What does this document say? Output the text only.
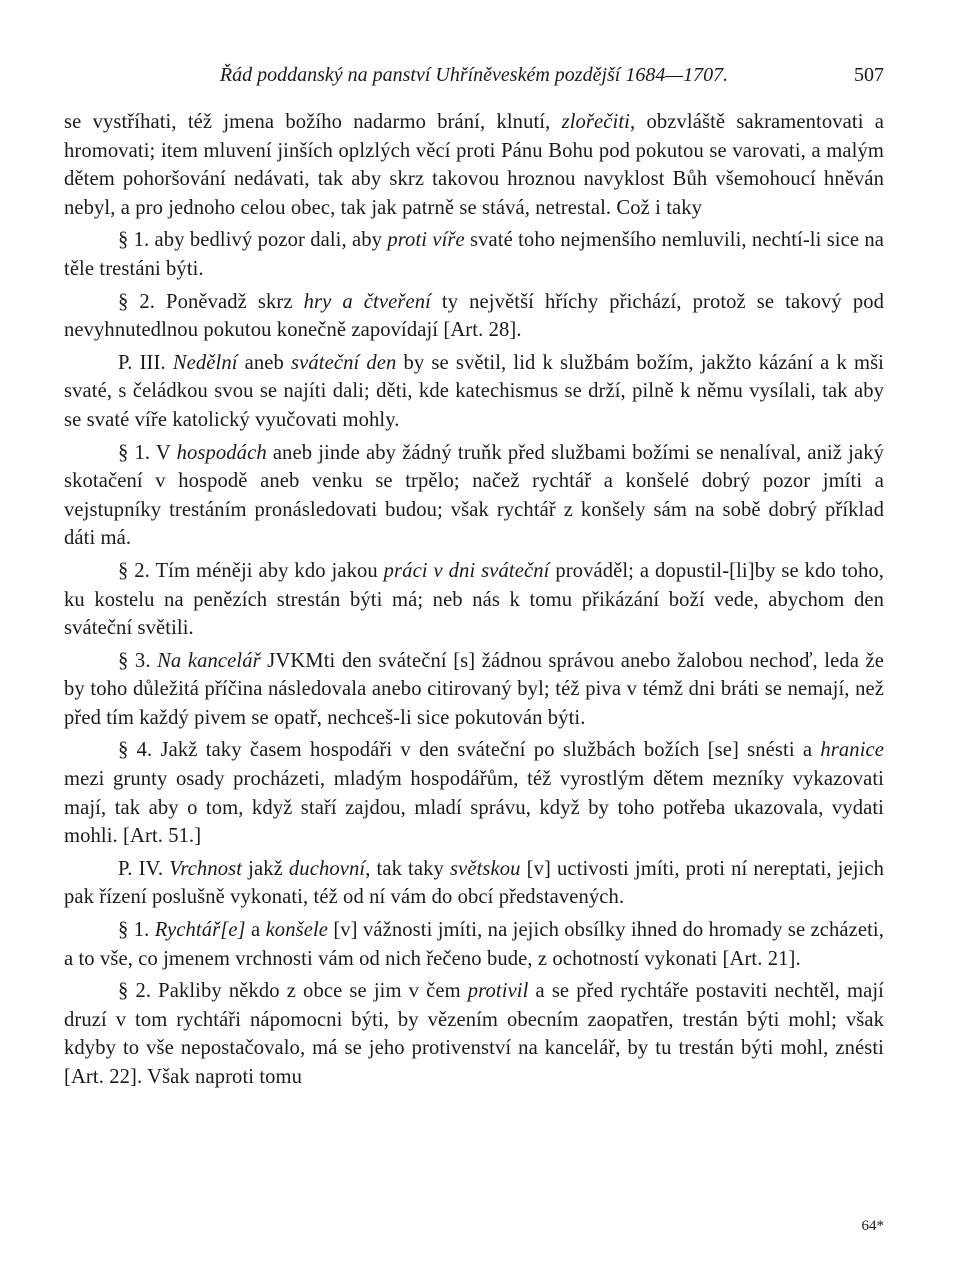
Řád poddanský na panství Uhříněveském pozdější 1684—1707.	507

se vystříhati, též jmena božího nadarmo brání, klnutí, zlořečiti, obzvláště sakramentovati a hromovati; item mluvení jinších oplzlých věcí proti Pánu Bohu pod pokutou se varovati, a malým dětem pohoršování nedávati, tak aby skrz takovou hroznou navyklost Bůh všemohoucí hněván nebyl, a pro jednoho celou obec, tak jak patrně se stává, netrestal. Což i taky

§ 1. aby bedlivý pozor dali, aby proti víře svaté toho nejmenšího nemluvili, nechtí-li sice na těle trestáni býti.

§ 2. Poněvadž skrz hry a čtveření ty největší hříchy přichází, protož se takový pod nevyhnutedlnou pokutou konečně zapovídají [Art. 28].

P. III. Nedělní aneb sváteční den by se světil, lid k službám božím, jakžto kázání a k mši svaté, s čeládkou svou se najíti dali; děti, kde katechismus se drží, pilně k němu vysílali, tak aby se svaté víře katolický vyučovati mohly.

§ 1. V hospodách aneb jinde aby žádný truňk před službami božími se nenalíval, aniž jaký skotačení v hospodě aneb venku se trpělo; načež rychtář a konšelé dobrý pozor jmíti a vejstupníky trestáním pronásledovati budou; však rychtář z konšely sám na sobě dobrý příklad dáti má.

§ 2. Tím méněji aby kdo jakou práci v dni sváteční prováděl; a dopustil-[li]by se kdo toho, ku kostelu na penězích strestán býti má; neb nás k tomu přikázání boží vede, abychom den sváteční světili.

§ 3. Na kancelář JVKMti den sváteční [s] žádnou správou anebo žalobou nechoď, leda že by toho důležitá příčina následovala anebo citirovaný byl; též piva v témž dni bráti se nemají, než před tím každý pivem se opatř, nechceš-li sice pokutován býti.

§ 4. Jakž taky časem hospodáři v den sváteční po službách božích [se] snésti a hranice mezi grunty osady procházeti, mladým hospodářům, též vyrostlým dětem mezníky vykazovati mají, tak aby o tom, když staří zajdou, mladí správu, když by toho potřeba ukazovala, vydati mohli. [Art. 51.]

P. IV. Vrchnost jakž duchovní, tak taky světskou [v] uctivosti jmíti, proti ní nereptati, jejich pak řízení poslušně vykonati, též od ní vám do obcí představených.

§ 1. Rychtář[e] a konšele [v] vážnosti jmíti, na jejich obsílky ihned do hromady se zcházeti, a to vše, co jmenem vrchnosti vám od nich řečeno bude, z ochotností vykonati [Art. 21].

§ 2. Pakliby někdo z obce se jim v čem protivil a se před rychtáře postaviti nechtěl, mají druzí v tom rychtáři nápomocni býti, by vězením obecním zaopatřen, trestán býti mohl; však kdyby to vše nepostačovalo, má se jeho protivenství na kancelář, by tu trestán býti mohl, znésti [Art. 22]. Však naproti tomu

64*
